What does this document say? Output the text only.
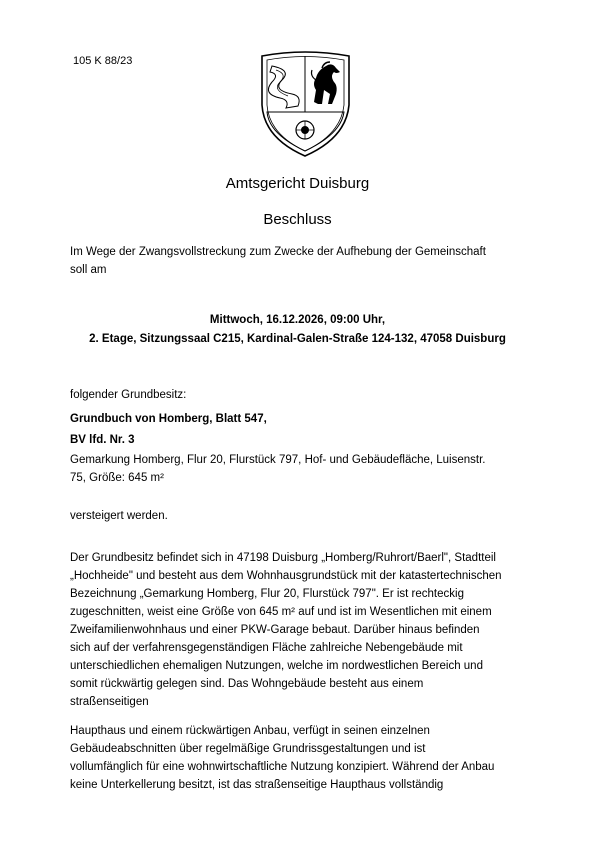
105 K 88/23
Amtsgericht Duisburg
Beschluss
Im Wege der Zwangsvollstreckung zum Zwecke der Aufhebung der Gemeinschaft
soll am
Mittwoch, 16.12.2026, 09:00 Uhr,
2. Etage, Sitzungssaal C215, Kardinal-Galen-Straße 124-132, 47058 Duisburg
folgender Grundbesitz:
Grundbuch von Homberg, Blatt 547,
BV lfd. Nr. 3
Gemarkung Homberg, Flur 20, Flurstück 797, Hof- und Gebäudefläche, Luisenstr.
75, Größe: 645 m²
versteigert werden.
Der Grundbesitz befindet sich in 47198 Duisburg „Homberg/Ruhrort/Baerl", Stadtteil
„Hochheide" und besteht aus dem Wohnhausgrundstück mit der katastertechnischen
Bezeichnung „Gemarkung Homberg, Flur 20, Flurstück 797". Er ist rechteckig
zugeschnitten, weist eine Größe von 645 m² auf und ist im Wesentlichen mit einem
Zweifamilienwohnhaus und einer PKW-Garage bebaut. Darüber hinaus befinden
sich auf der verfahrensgegenständigen Fläche zahlreiche Nebengebäude mit
unterschiedlichen ehemaligen Nutzungen, welche im nordwestlichen Bereich und
somit rückwärtig gelegen sind. Das Wohngebäude besteht aus einem
straßenseitigen
Haupthaus und einem rückwärtigen Anbau, verfügt in seinen einzelnen
Gebäudeabschnitten über regelmäßige Grundrissgestaltungen und ist
vollumfänglich für eine wohnwirtschaftliche Nutzung konzipiert. Während der Anbau
keine Unterkellerung besitzt, ist das straßenseitige Haupthaus vollständig
